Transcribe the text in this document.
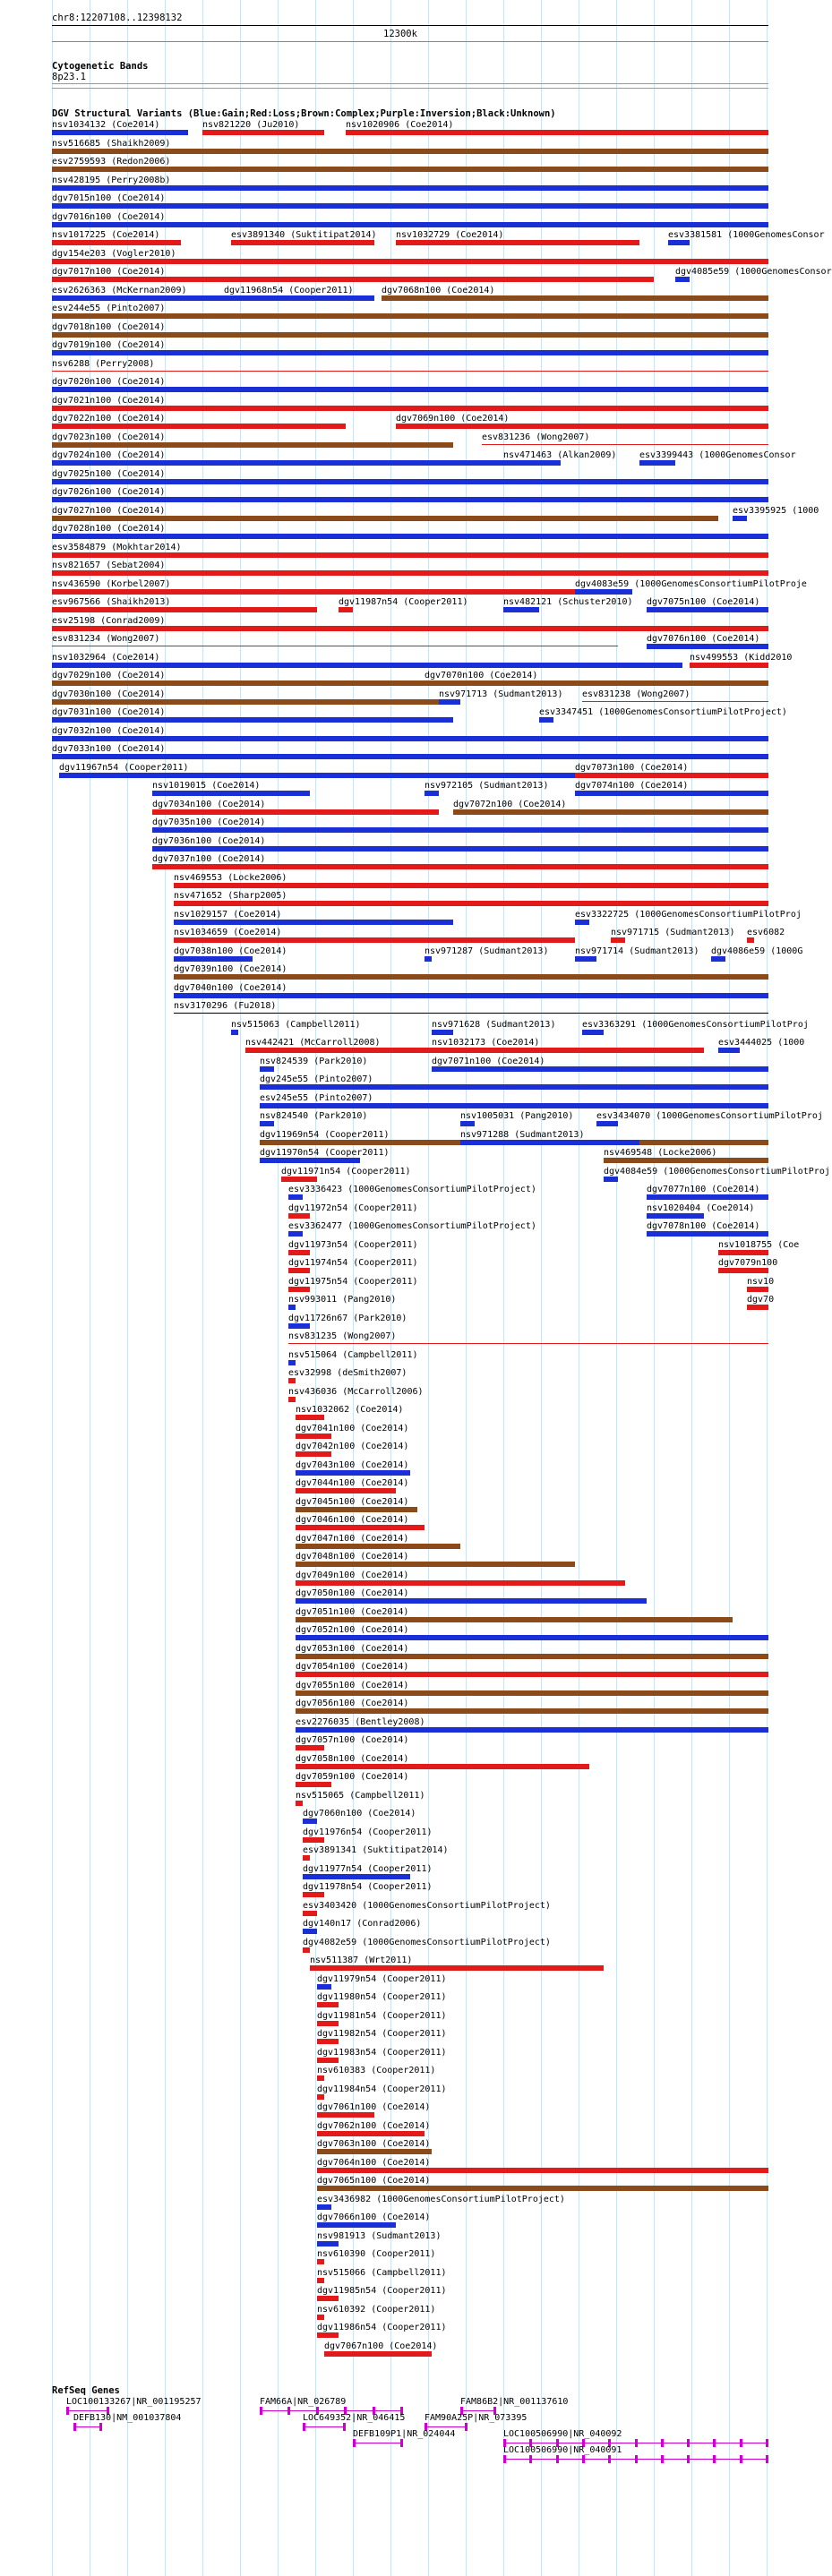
chr8:12207108..12398132
12300k
Cytogenetic Bands
8p23.1
DGV Structural Variants (Blue:Gain;Red:Loss;Brown:Complex;Purple:Inversion;Black:Unknown)
nsv1034132 (Coe2014)	nsv821220 (Ju2010)	nsv1020906 (Coe2014)
nsv516685 (Shaikh2009)
esv2759593 (Redon2006)
nsv428195 (Perry2008b)
dgv7015n100 (Coe2014)
dgv7016n100 (Coe2014)
nsv1017225 (Coe2014)	esv3891340 (Suktitipat2014) nsv1032729 (Coe2014)	esv3381581 (1000GenomesConsor
dgv154e203 (Vogler2010)
dgv7017n100 (Coe2014)	dgv4085e59 (1000GenomesConsor
esv2626363 (McKernan2009)	dgv11968n54 (Cooper2011)	dgv7068n100 (Coe2014)
esv244e55 (Pinto2007)
dgv7018n100 (Coe2014)
dgv7019n100 (Coe2014)
nsv6288 (Perry2008)
dgv7020n100 (Coe2014)
dgv7021n100 (Coe2014)
dgv7022n100 (Coe2014)	dgv7069n100 (Coe2014)
dgv7023n100 (Coe2014)	esv831236 (Wong2007)
dgv7024n100 (Coe2014)	nsv471463 (Alkan2009)	esv3399443 (1000GenomesConsor
dgv7025n100 (Coe2014)
dgv7026n100 (Coe2014)
dgv7027n100 (Coe2014)	esv3395925 (1000
dgv7028n100 (Coe2014)
esv3584879 (Mokhtar2014)
nsv821657 (Sebat2004)
nsv436590 (Korbel2007)	dgv4083e59 (1000GenomesConsortiumPilotProje
esv967566 (Shaikh2013)	dgv11987n54 (Cooper2011)	nsv482121 (Schuster2010) dgv7075n100 (Coe2014)
esv25198 (Conrad2009)
esv831234 (Wong2007)	dgv7076n100 (Coe2014)
nsv1032964 (Coe2014)	nsv499553 (Kidd2010
dgv7029n100 (Coe2014)	dgv7070n100 (Coe2014)
dgv7030n100 (Coe2014)	nsv971713 (Sudmant2013) esv831238 (Wong2007)
dgv7031n100 (Coe2014)	esv3347451 (1000GenomesConsortiumPilotProject)
dgv7032n100 (Coe2014)
dgv7033n100 (Coe2014)
dgv11967n54 (Cooper2011)	dgv7073n100 (Coe2014)
nsv1019015 (Coe2014)	nsv972105 (Sudmant2013)	dgv7074n100 (Coe2014)
dgv7034n100 (Coe2014)	dgv7072n100 (Coe2014)
dgv7035n100 (Coe2014)
dgv7036n100 (Coe2014)
dgv7037n100 (Coe2014)
nsv469553 (Locke2006)
nsv471652 (Sharp2005)
nsv1029157 (Coe2014)	esv3322725 (1000GenomesConsortiumPilotProj
nsv1034659 (Coe2014)	nsv971715 (Sudmant2013) esv6082
dgv7038n100 (Coe2014)	nsv971287 (Sudmant2013)	nsv971714 (Sudmant2013) dgv4086e59 (1000G
dgv7039n100 (Coe2014)
dgv7040n100 (Coe2014)
nsv3170296 (Fu2018)
nsv515063 (Campbell2011)	nsv971628 (Sudmant2013)	esv3363291 (1000GenomesConsortiumPilotProj
nsv442421 (McCarroll2008)	nsv1032173 (Coe2014)	esv3444025 (1000
nsv824539 (Park2010)	dgv7071n100 (Coe2014)
dgv245e55 (Pinto2007)
esv245e55 (Pinto2007)
nsv824540 (Park2010)	nsv1005031 (Pang2010)	esv3434070 (1000GenomesConsortiumPilotProj
dgv11969n54 (Cooper2011)	nsv971288 (Sudmant2013)
dgv11970n54 (Cooper2011)	nsv469548 (Locke2006)
dgv11971n54 (Cooper2011)	dgv4084e59 (1000GenomesConsortiumPilotProj
esv3336423 (1000GenomesConsortiumPilotProject)	dgv7077n100 (Coe2014)
dgv11972n54 (Cooper2011)	nsv1020404 (Coe2014)
esv3362477 (1000GenomesConsortiumPilotProject)	dgv7078n100 (Coe2014)
dgv11973n54 (Cooper2011)	nsv1018755 (Coe
dgv11974n54 (Cooper2011)	dgv7079n100
dgv11975n54 (Cooper2011)	nsv10
nsv993011 (Pang2010)	dgv70
dgv11726n67 (Park2010)
nsv831235 (Wong2007)
nsv515064 (Campbell2011)
esv32998 (deSmith2007)
nsv436036 (McCarroll2006)
nsv1032062 (Coe2014)
dgv7041n100 (Coe2014)
dgv7042n100 (Coe2014)
dgv7043n100 (Coe2014)
dgv7044n100 (Coe2014)
dgv7045n100 (Coe2014)
dgv7046n100 (Coe2014)
dgv7047n100 (Coe2014)
dgv7048n100 (Coe2014)
dgv7049n100 (Coe2014)
dgv7050n100 (Coe2014)
dgv7051n100 (Coe2014)
dgv7052n100 (Coe2014)
dgv7053n100 (Coe2014)
dgv7054n100 (Coe2014)
dgv7055n100 (Coe2014)
dgv7056n100 (Coe2014)
esv2276035 (Bentley2008)
dgv7057n100 (Coe2014)
dgv7058n100 (Coe2014)
dgv7059n100 (Coe2014)
nsv515065 (Campbell2011)
dgv7060n100 (Coe2014)
dgv11976n54 (Cooper2011)
esv3891341 (Suktitipat2014)
dgv11977n54 (Cooper2011)
dgv11978n54 (Cooper2011)
esv3403420 (1000GenomesConsortiumPilotProject)
dgv140n17 (Conrad2006)
dgv4082e59 (1000GenomesConsortiumPilotProject)
nsv511387 (Wrt2011)
dgv11979n54 (Cooper2011)
dgv11980n54 (Cooper2011)
dgv11981n54 (Cooper2011)
dgv11982n54 (Cooper2011)
dgv11983n54 (Cooper2011)
nsv610383 (Cooper2011)
dgv11984n54 (Cooper2011)
dgv7061n100 (Coe2014)
dgv7062n100 (Coe2014)
dgv7063n100 (Coe2014)
dgv7064n100 (Coe2014)
dgv7065n100 (Coe2014)
esv3436982 (1000GenomesConsortiumPilotProject)
dgv7066n100 (Coe2014)
nsv981913 (Sudmant2013)
nsv610390 (Cooper2011)
nsv515066 (Campbell2011)
dgv11985n54 (Cooper2011)
nsv610392 (Cooper2011)
dgv11986n54 (Cooper2011)
dgv7067n100 (Coe2014)
RefSeq Genes
LOC100133267|NR_001195257	FAM66A|NR_026789	FAM86B2|NR_001137610
DEFB130|NM_001037804	LOC649352|NR_046415 FAM90A25P|NR_073395
DEFB109P1|NR_024044	LOC100506990|NR_040092
LOC100506990|NR_040091
